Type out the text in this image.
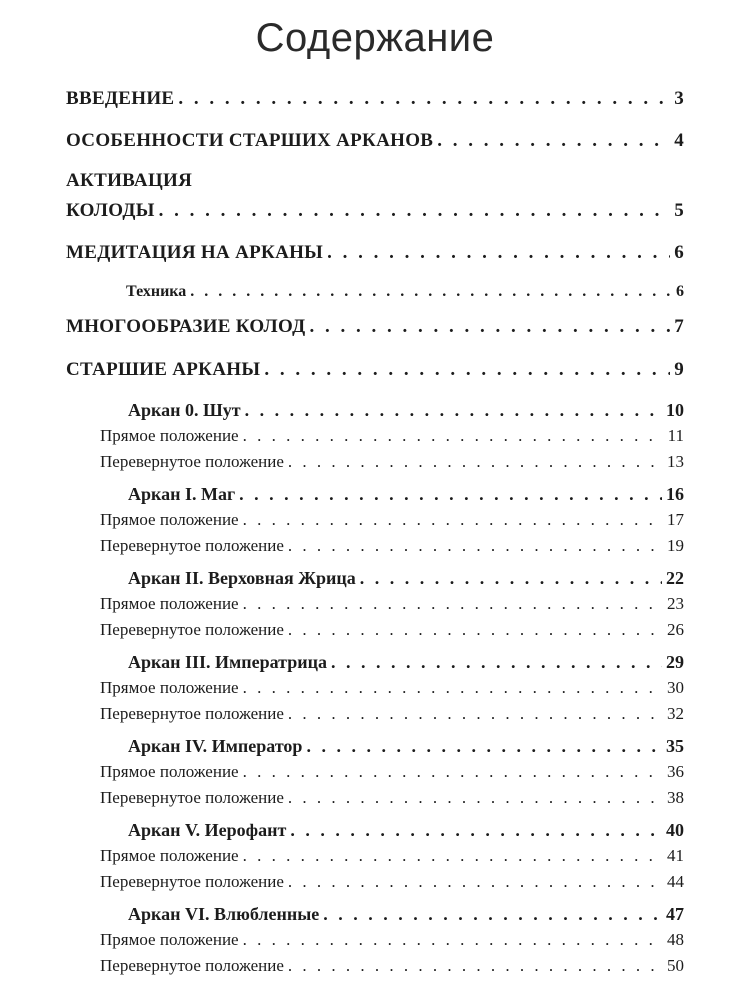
Содержание
ВВЕДЕНИЕ . . .	3
ОСОБЕННОСТИ СТАРШИХ АРКАНОВ . . .	4
АКТИВАЦИЯ
КОЛОДЫ . . .	5
МЕДИТАЦИЯ НА АРКАНЫ . . .	6
Техника . . .	6
МНОГООБРАЗИЕ КОЛОД . . .	7
СТАРШИЕ АРКАНЫ . . .	9
Аркан 0. Шут . . .	10
Прямое положение . . .	11
Перевернутое положение . . .	13
Аркан I. Маг . . .	16
Прямое положение . . .	17
Перевернутое положение . . .	19
Аркан II. Верховная Жрица . . .	22
Прямое положение . . .	23
Перевернутое положение . . .	26
Аркан III. Императрица . . .	29
Прямое положение . . .	30
Перевернутое положение . . .	32
Аркан IV. Император . . .	35
Прямое положение . . .	36
Перевернутое положение . . .	38
Аркан V. Иерофант . . .	40
Прямое положение . . .	41
Перевернутое положение . . .	44
Аркан VI. Влюбленные . . .	47
Прямое положение . . .	48
Перевернутое положение . . .	50
